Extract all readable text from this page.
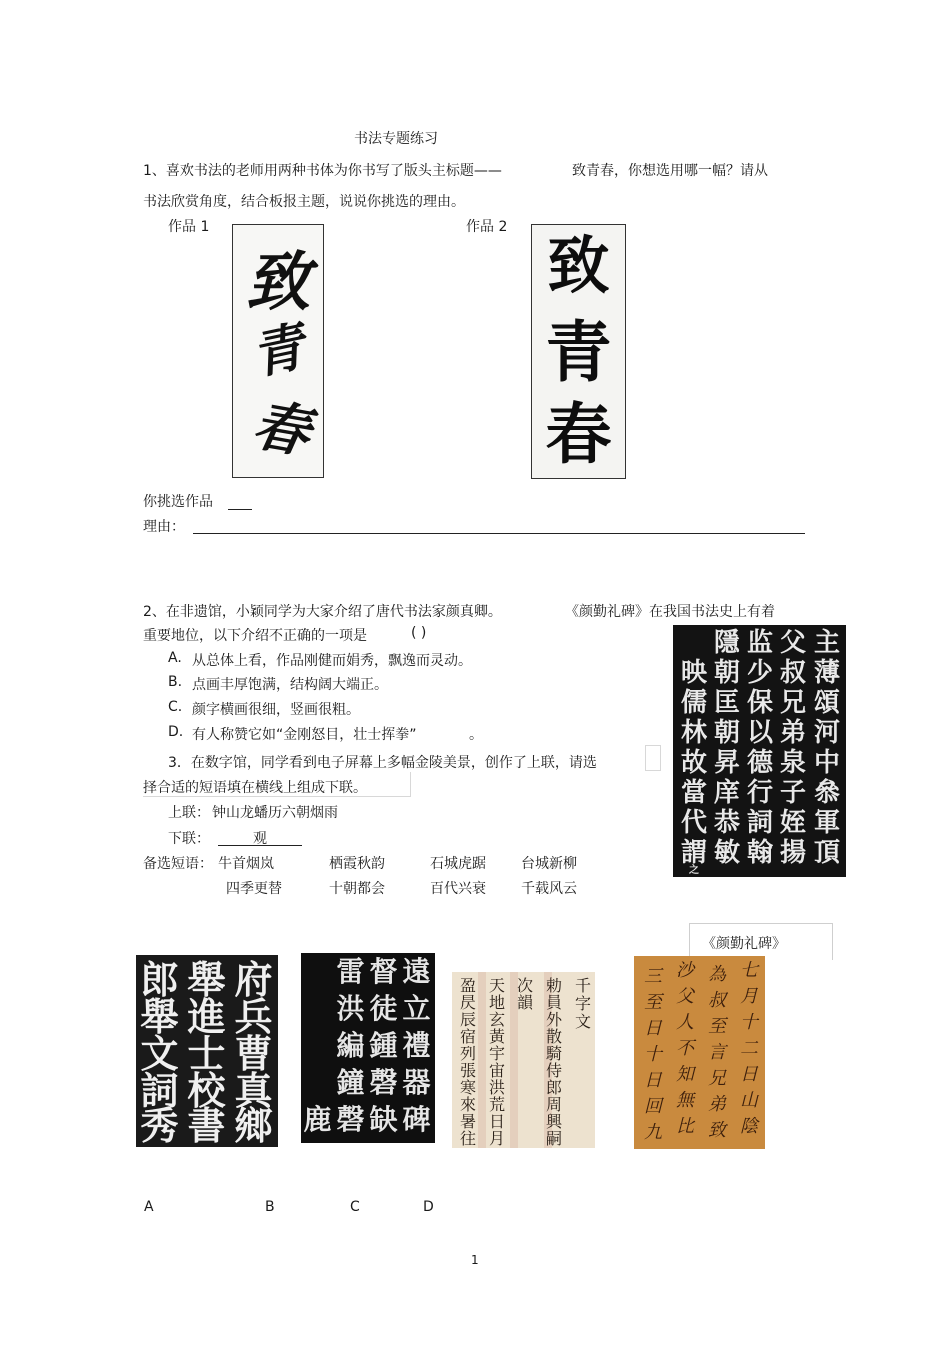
书法专题练习
1、喜欢书法的老师用两种书体为你书写了版头主标题——	致青春，你想选用哪一幅？请从
书法欣赏角度，结合板报主题，说说你挑选的理由。
作品 1	作品 2
致
青
春
致
青
春
你挑选作品
理由：
2、在非遗馆，小颖同学为大家介绍了唐代书法家颜真卿。	《颜勤礼碑》在我国书法史上有着
重要地位，以下介绍不正确的一项是	( )
A. 从总体上看，作品刚健而娟秀，飘逸而灵动。
B. 点画丰厚饱满，结构阔大端正。
C. 颜字横画很细，竖画很粗。
D. 有人称赞它如“金刚怒目，壮士挥拳”	。
主
薄
頌
河
中
叅
軍
頂
父
叔
兄
弟
泉
子
姪
揚
监
少
保
以
德
行
詞
翰
隱
朝
匡
朝
昇
庠
恭
敏
映
儒
林
故
當
代
謂
之
3．在数字馆，同学看到电子屏幕上多幅金陵美景，创作了上联，请选
择合适的短语填在横线上组成下联。
上联： 钟山龙蟠历六朝烟雨
下联：	观
备选短语： 牛首烟岚	栖霞秋韵	石城虎踞	台城新柳
四季更替	十朝都会	百代兴衰	千载风云
《颜勤礼碑》
府
兵
曹
真
鄉
舉
進
士
校
書
郎
舉
文
詞
秀
遠
立
禮
器
碑
督
徒
鍾
磬
缺
雷
洪
編
鐘
磬
鹿
千
字
文
勅
員
外
散
騎
侍
郎
周
興
嗣
次
韻
天
地
玄
黃
宇
宙
洪
荒
日
月
盈
昃
辰
宿
列
張
寒
來
暑
往
七
月
十
二
日
山
陰
為
叔
至
言
兄
弟
致
沙
父
人
不
知
無
比
三
至
日
十
日
回
九
A	B	C	D
1
